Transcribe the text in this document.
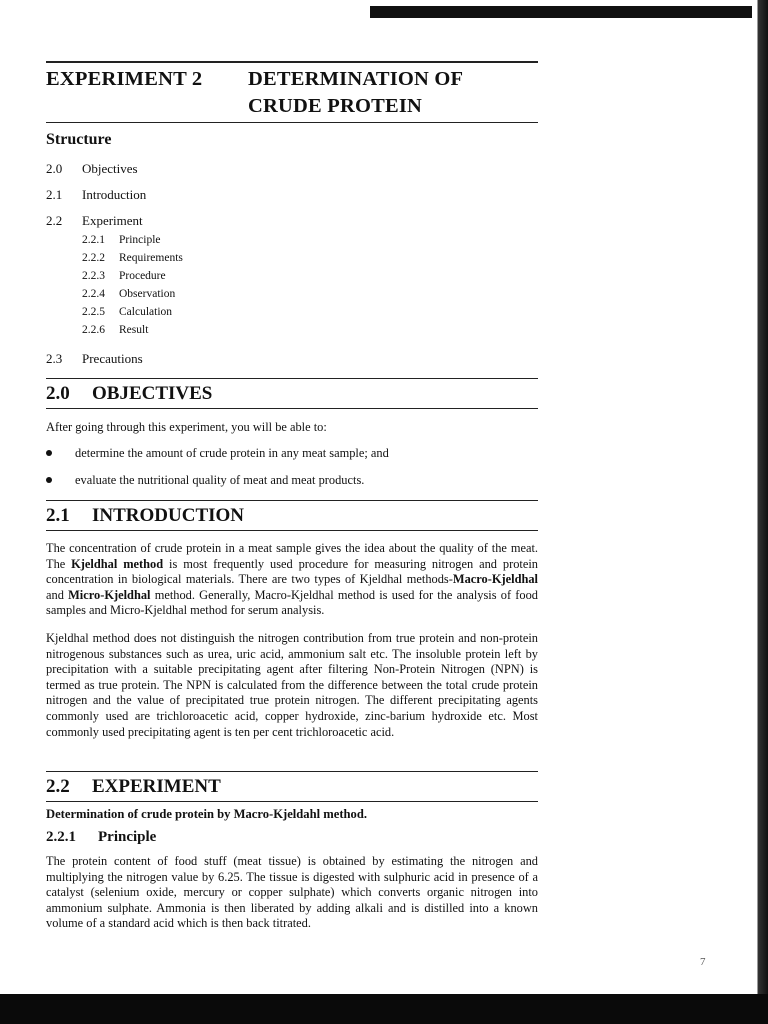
EXPERIMENT 2 DETERMINATION OF
CRUDE PROTEIN
Structure
2.0 Objectives
2.1 Introduction
2.2 Experiment
2.2.1 Principle
2.2.2 Requirements
2.2.3 Procedure
2.2.4 Observation
2.2.5 Calculation
2.2.6 Result
2.3 Precautions
2.0 OBJECTIVES
After going through this experiment, you will be able to:
determine the amount of crude protein in any meat sample; and
evaluate the nutritional quality of meat and meat products.
2.1 INTRODUCTION
The concentration of crude protein in a meat sample gives the idea about the quality of the meat. The Kjeldhal method is most frequently used procedure for measuring nitrogen and protein concentration in biological materials. There are two types of Kjeldhal methods-Macro-Kjeldhal and Micro-Kjeldhal method. Generally, Macro-Kjeldhal method is used for the analysis of food samples and Micro-Kjeldhal method for serum analysis.
Kjeldhal method does not distinguish the nitrogen contribution from true protein and non-protein nitrogenous substances such as urea, uric acid, ammonium salt etc. The insoluble protein left by precipitation with a suitable precipitating agent after filtering Non-Protein Nitrogen (NPN) is termed as true protein. The NPN is calculated from the difference between the total crude protein nitrogen and the value of precipitated true protein nitrogen. The different precipitating agents commonly used are trichloroacetic acid, copper hydroxide, zinc-barium hydroxide etc. Most commonly used precipitating agent is ten per cent trichloroacetic acid.
2.2 EXPERIMENT
Determination of crude protein by Macro-Kjeldahl method.
2.2.1 Principle
The protein content of food stuff (meat tissue) is obtained by estimating the nitrogen and multiplying the nitrogen value by 6.25. The tissue is digested with sulphuric acid in presence of a catalyst (selenium oxide, mercury or copper sulphate) which converts organic nitrogen into ammonium sulphate. Ammonia is then liberated by adding alkali and is distilled into a known volume of a standard acid which is then back titrated.
7
